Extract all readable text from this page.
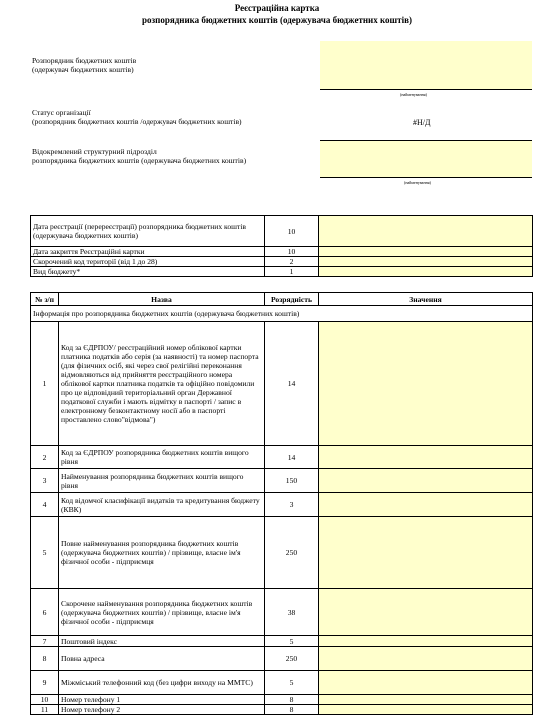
Реєстраційна картка
розпорядника бюджетних коштів (одержувача бюджетних коштів)
Розпорядник бюджетних коштів
(одержувач бюджетних коштів)
(найменування)
Статус організації
(розпорядник бюджетних коштів /одержувач бюджетних коштів)	#Н/Д
Відокремлений структурний підрозділ
розпорядника бюджетних коштів (одержувача бюджетних коштів)
(найменування)
Дата реєстрації (перереєстрації) розпорядника бюджетних коштів (одержувача бюджетних коштів)	10	
Дата закриття Реєстраційні картки	10	
Скорочений код території (від 1 до 28)	2	
Вид бюджету*	1	
№ з/п	Назва	Розрядність	Значення
Інформація про розпорядника бюджетних коштів (одержувача бюджетних коштів)			
1	Код за ЄДРПОУ/ реєстраційний номер облікової картки платника податків або серія (за наявності) та номер паспорта (для фізичних осіб, які через свої релігійні переконання відмовляються від прийняття реєстраційного номера облікової картки платника податків та офіційно повідомили про це відповідний територіальний орган Державної податкової служби і мають відмітку в паспорті / запис в електронному безконтактному носії або в паспорті проставлено слово"відмова")	14	
2	Код за ЄДРПОУ розпорядника бюджетних коштів вищого рівня	14	
3	Найменування розпорядника бюджетних коштів вищого рівня	150	
4	Код відомчої класифікації видатків та кредитування бюджету (КВК)	3	
5	Повне найменування розпорядника бюджетних коштів (одержувача бюджетних коштів) / прізвище, власне ім'я фізичної особи - підприємця	250	
6	Скорочене найменування розпорядника бюджетних коштів (одержувача бюджетних коштів) / прізвище, власне ім'я фізичної особи - підприємця	38	
7	Поштовий індекс	5	
8	Повна адреса	250	
9	Міжміський телефонний код (без цифри виходу на ММТС)	5	
10	Номер телефону 1	8	
11	Номер телефону 2	8	
